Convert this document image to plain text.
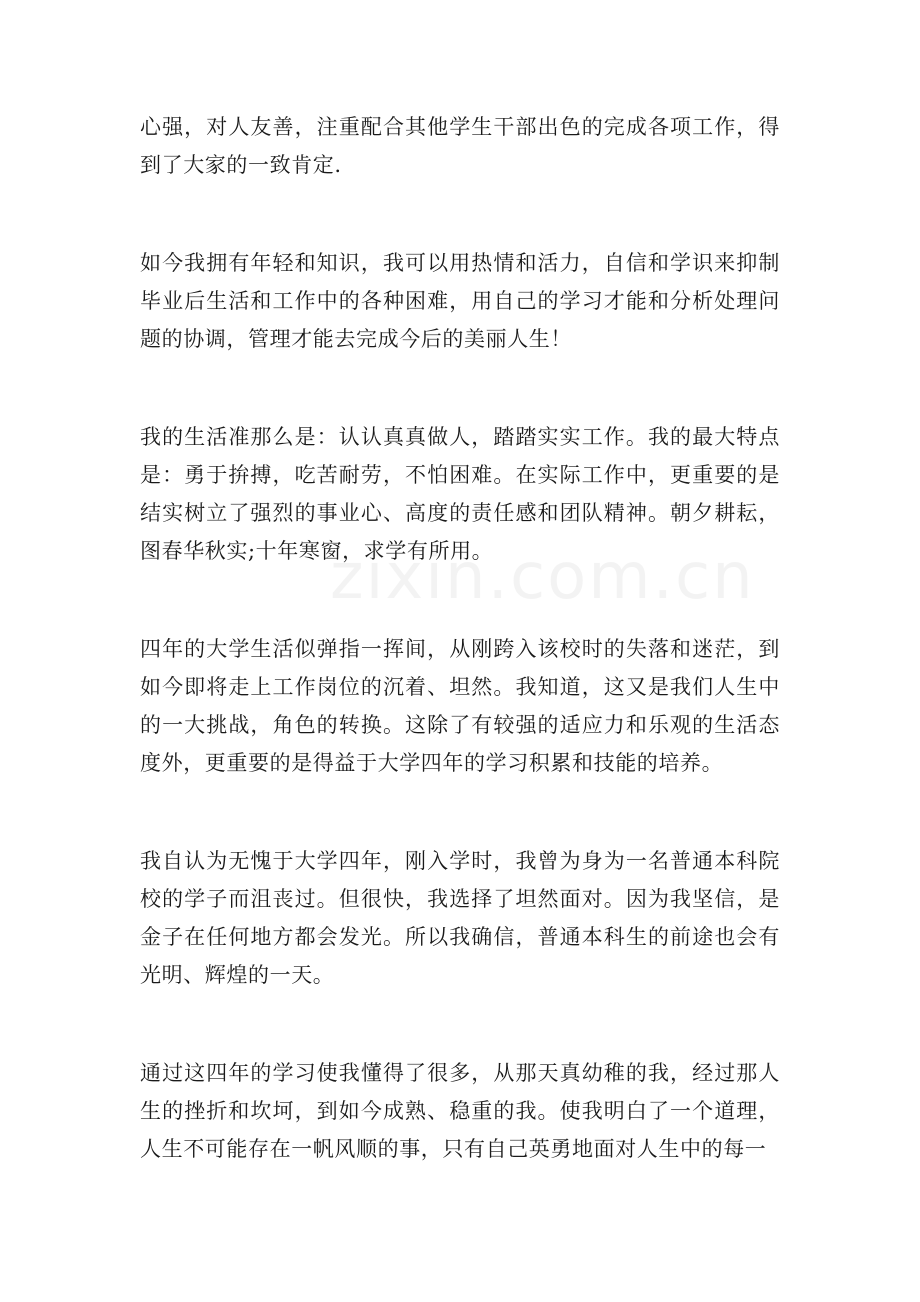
心强，对人友善，注重配合其他学生干部出色的完成各项工作，得到了大家的一致肯定.

如今我拥有年轻和知识，我可以用热情和活力，自信和学识来抑制毕业后生活和工作中的各种困难，用自己的学习才能和分析处理问题的协调，管理才能去完成今后的美丽人生！

我的生活准那么是：认认真真做人，踏踏实实工作。我的最大特点是：勇于拚搏，吃苦耐劳，不怕困难。在实际工作中，更重要的是结实树立了强烈的事业心、高度的责任感和团队精神。朝夕耕耘，图春华秋实;十年寒窗，求学有所用。

四年的大学生活似弹指一挥间，从刚跨入该校时的失落和迷茫，到如今即将走上工作岗位的沉着、坦然。我知道，这又是我们人生中的一大挑战，角色的转换。这除了有较强的适应力和乐观的生活态度外，更重要的是得益于大学四年的学习积累和技能的培养。

我自认为无愧于大学四年，刚入学时，我曾为身为一名普通本科院校的学子而沮丧过。但很快，我选择了坦然面对。因为我坚信，是金子在任何地方都会发光。所以我确信，普通本科生的前途也会有光明、辉煌的一天。

通过这四年的学习使我懂得了很多，从那天真幼稚的我，经过那人生的挫折和坎坷，到如今成熟、稳重的我。使我明白了一个道理，人生不可能存在一帆风顺的事，只有自己英勇地面对人生中的每一
